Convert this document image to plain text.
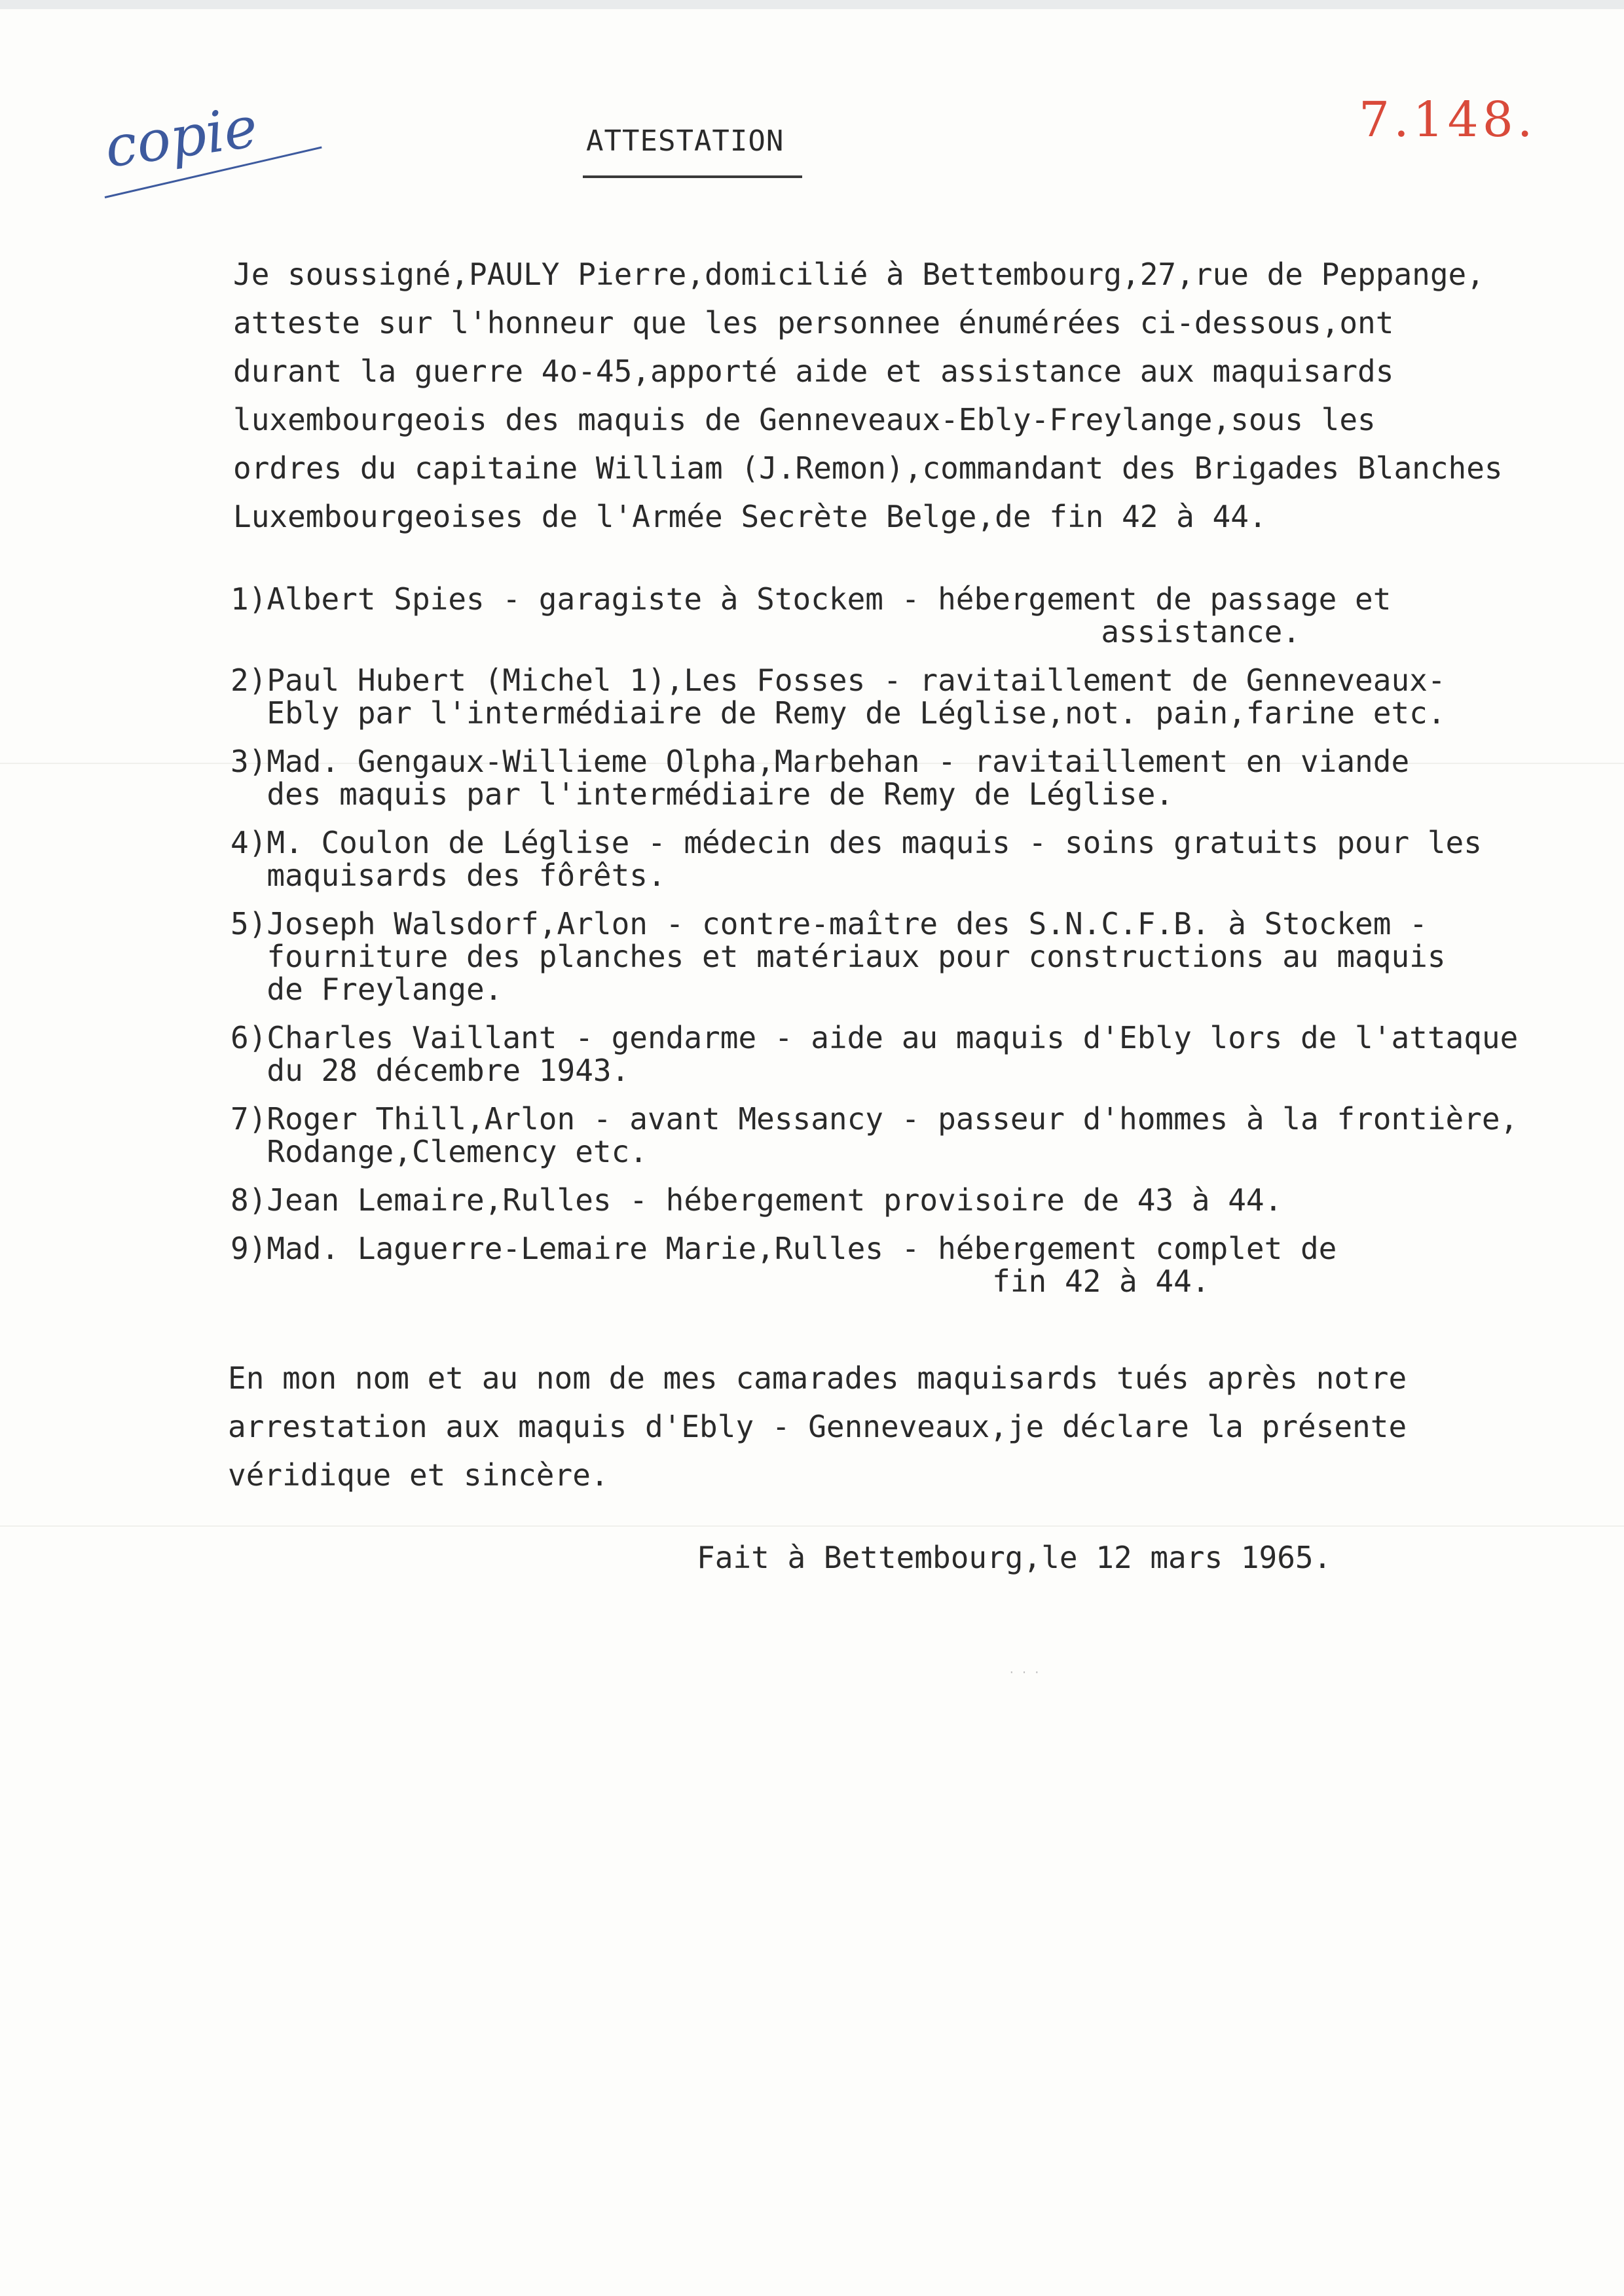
copie	7.148.
ATTESTATION
Je soussigné,PAULY Pierre,domicilié à Bettembourg,27,rue de Peppange,
atteste sur l'honneur que les personnee énumérées ci-dessous,ont
durant la guerre 4o-45,apporté aide et assistance aux maquisards
luxembourgeois des maquis de Genneveaux-Ebly-Freylange,sous les
ordres du capitaine William (J.Remon),commandant des Brigades Blanches
Luxembourgeoises de l'Armée Secrète Belge,de fin 42 à 44.
1)Albert Spies - garagiste à Stockem - hébergement de passage et
assistance.
2)Paul Hubert (Michel 1),Les Fosses - ravitaillement de Genneveaux-
Ebly par l'intermédiaire de Remy de Léglise,not. pain,farine etc.
3)Mad. Gengaux-Willieme Olpha,Marbehan - ravitaillement en viande
des maquis par l'intermédiaire de Remy de Léglise.
4)M. Coulon de Léglise - médecin des maquis - soins gratuits pour les
maquisards des fôrêts.
5)Joseph Walsdorf,Arlon - contre-maître des S.N.C.F.B. à Stockem -
fourniture des planches et matériaux pour constructions au maquis
de Freylange.
6)Charles Vaillant - gendarme - aide au maquis d'Ebly lors de l'attaque
du 28 décembre 1943.
7)Roger Thill,Arlon - avant Messancy - passeur d'hommes à la frontière,
Rodange,Clemency etc.
8)Jean Lemaire,Rulles - hébergement provisoire de 43 à 44.
9)Mad. Laguerre-Lemaire Marie,Rulles - hébergement complet de
fin 42 à 44.
En mon nom et au nom de mes camarades maquisards tués après notre
arrestation aux maquis d'Ebly - Genneveaux,je déclare la présente
véridique et sincère.
Fait à Bettembourg,le 12 mars 1965.
· · ·
